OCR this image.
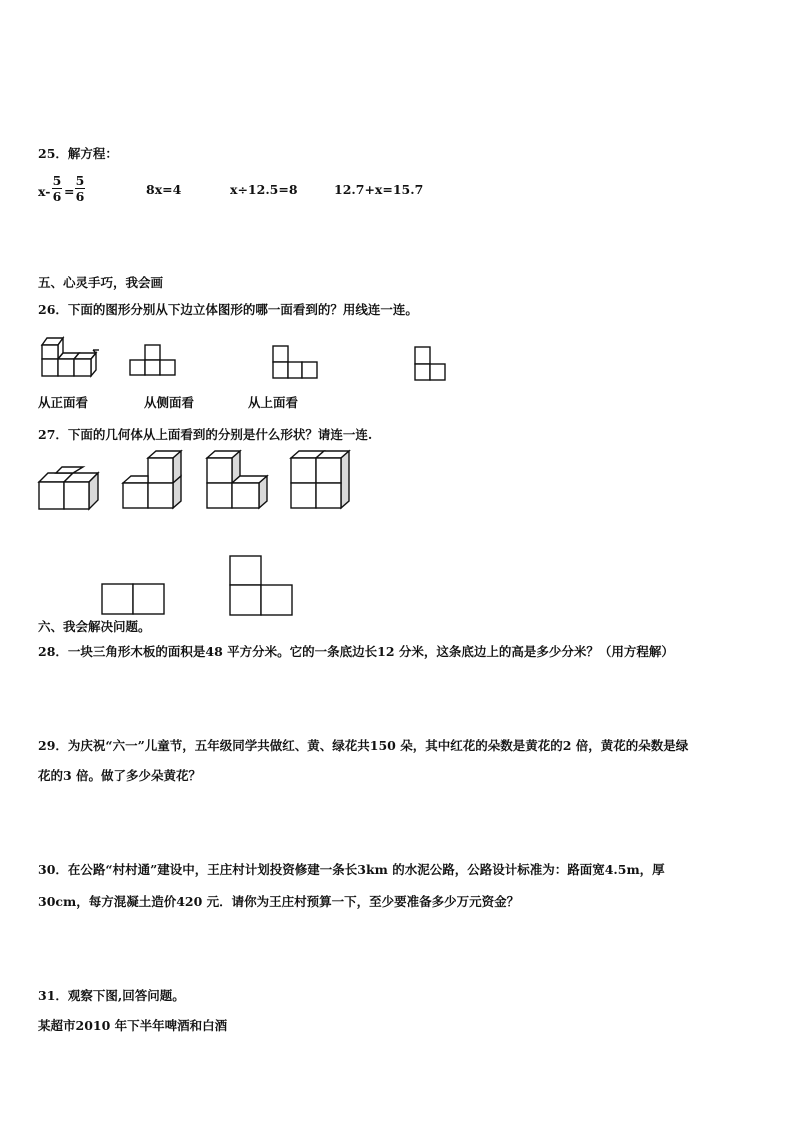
25．解方程：
x-
5
6 =
5
6	8x=4	x÷12.5=8	12.7+x=15.7
五、心灵手巧，我会画
26．下面的图形分别从下边立体图形的哪一面看到的？用线连一连。
从正面看	从侧面看	从上面看
27．下面的几何体从上面看到的分别是什么形状？请连一连.
六、我会解决问题。
28．一块三角形木板的面积是48 平方分米。它的一条底边长12 分米，这条底边上的高是多少分米？（用方程解）
29．为庆祝“六一”儿童节，五年级同学共做红、黄、绿花共150 朵，其中红花的朵数是黄花的2 倍，黄花的朵数是绿
花的3 倍。做了多少朵黄花？
30．在公路“村村通”建设中，王庄村计划投资修建一条长3km 的水泥公路，公路设计标准为：路面宽4.5m，厚
30cm，每方混凝土造价420 元．请你为王庄村预算一下，至少要准备多少万元资金？
31．观察下图,回答问题。
某超市2010 年下半年啤酒和白酒
